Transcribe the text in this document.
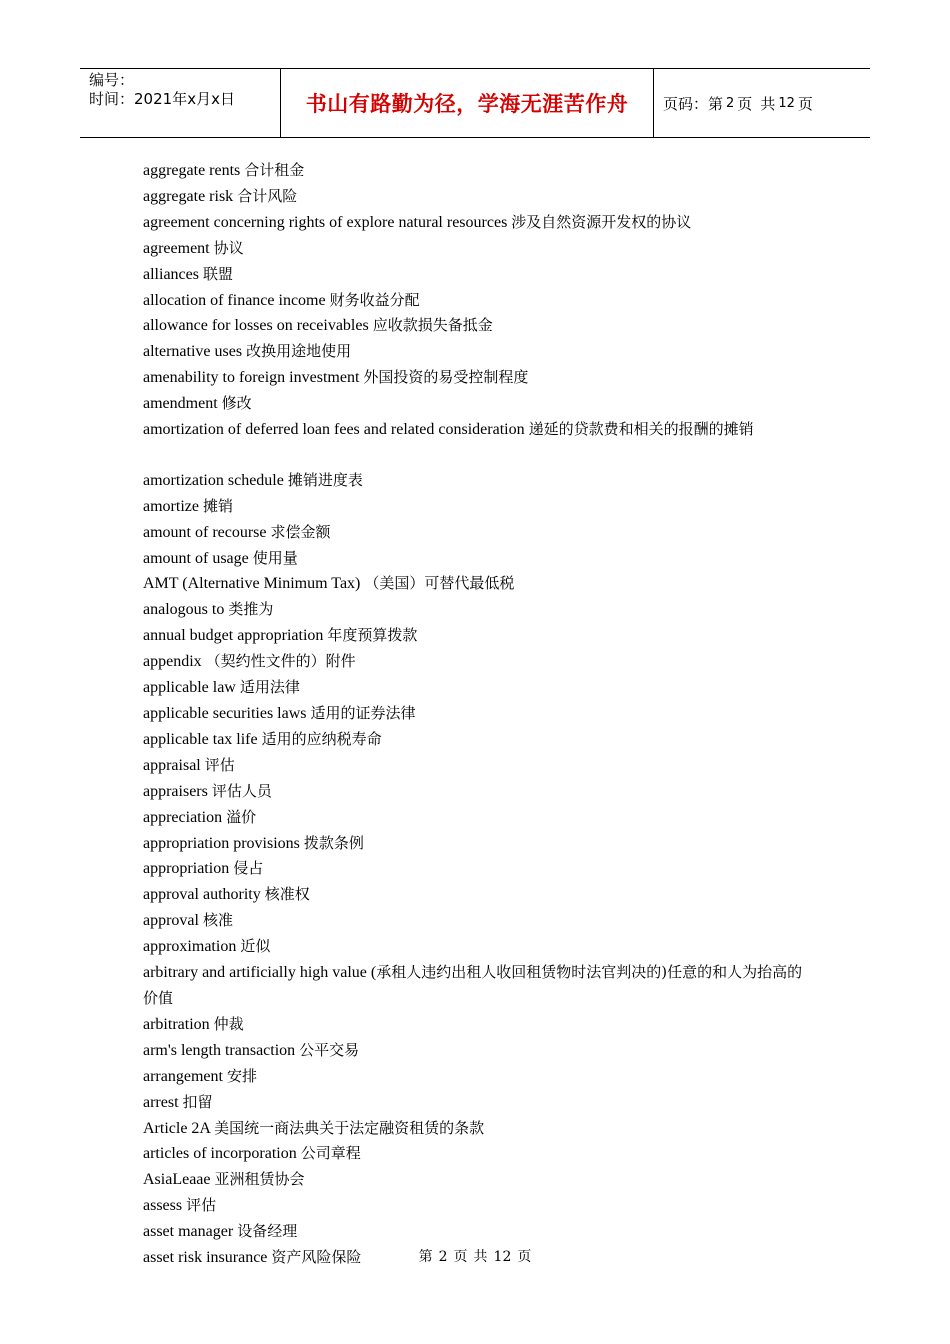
编号：
时间：2021年x月x日	书山有路勤为径，学海无涯苦作舟	页码：第 2 页 共 12 页
aggregate rents 合计租金
aggregate risk 合计风险
agreement concerning rights of explore natural resources 涉及自然资源开发权的协议
agreement 协议
alliances 联盟
allocation of finance income 财务收益分配
allowance for losses on receivables 应收款损失备抵金
alternative uses 改换用途地使用
amenability to foreign investment 外国投资的易受控制程度
amendment 修改
amortization of deferred loan fees and related consideration 递延的贷款费和相关的报酬的摊销
amortization schedule 摊销进度表
amortize 摊销
amount of recourse 求偿金额
amount of usage 使用量
AMT (Alternative Minimum Tax) （美国）可替代最低税
analogous to 类推为
annual budget appropriation 年度预算拨款
appendix （契约性文件的）附件
applicable law 适用法律
applicable securities laws 适用的证券法律
applicable tax life 适用的应纳税寿命
appraisal 评估
appraisers 评估人员
appreciation 溢价
appropriation provisions 拨款条例
appropriation 侵占
approval authority 核准权
approval 核准
approximation 近似
arbitrary and artificially high value (承租人违约出租人收回租赁物时法官判决的)任意的和人为抬高的价值
arbitration 仲裁
arm's length transaction 公平交易
arrangement 安排
arrest 扣留
Article 2A 美国统一商法典关于法定融资租赁的条款
articles of incorporation 公司章程
AsiaLeaae 亚洲租赁协会
assess 评估
asset manager 设备经理
asset risk insurance 资产风险保险	第 2 页 共 12 页
